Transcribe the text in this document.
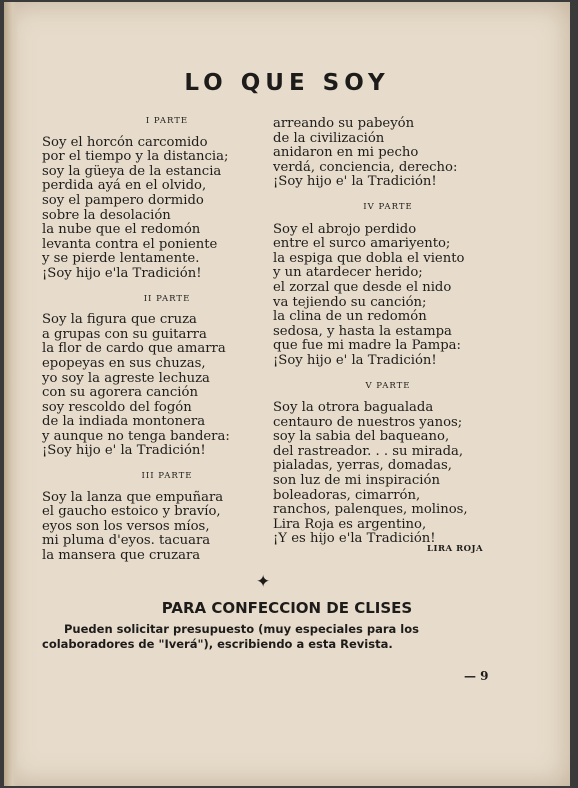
LO QUE SOY

I PARTE

Soy el horcón carcomido
por el tiempo y la distancia;
soy la güeya de la estancia
perdida ayá en el olvido,
soy el pampero dormido
sobre la desolación
la nube que el redomón
levanta contra el poniente
y se pierde lentamente.
¡Soy hijo e'la Tradición!

II PARTE

Soy la figura que cruza
a grupas con su guitarra
la flor de cardo que amarra
epopeyas en sus chuzas,
yo soy la agreste lechuza
con su agorera canción
soy rescoldo del fogón
de la indiada montonera
y aunque no tenga bandera:
¡Soy hijo e' la Tradición!

III PARTE

Soy la lanza que empuñara
el gaucho estoico y bravío,
eyos son los versos míos,
mi pluma d'eyos. tacuara
la mansera que cruzara
arreando su pabeyón
de la civilización
anidaron en mi pecho
verdá, conciencia, derecho:
¡Soy hijo e' la Tradición!

IV PARTE

Soy el abrojo perdido
entre el surco amariyento;
la espiga que dobla el viento
y un atardecer herido;
el zorzal que desde el nido
va tejiendo su canción;
la clina de un redomón
sedosa, y hasta la estampa
que fue mi madre la Pampa:
¡Soy hijo e' la Tradición!

V PARTE

Soy la otrora bagualada
centauro de nuestros yanos;
soy la sabia del baqueano,
del rastreador. . . su mirada,
pialadas, yerras, domadas,
son luz de mi inspiración
boleadoras, cimarrón,
ranchos, palenques, molinos,
Lira Roja es argentino,
¡Y es hijo e'la Tradición!
LIRA ROJA
✦
PARA CONFECCION DE CLISES
Pueden solicitar presupuesto (muy especiales para los colaboradores de "Iverá"), escribiendo a esta Revista.
— 9
